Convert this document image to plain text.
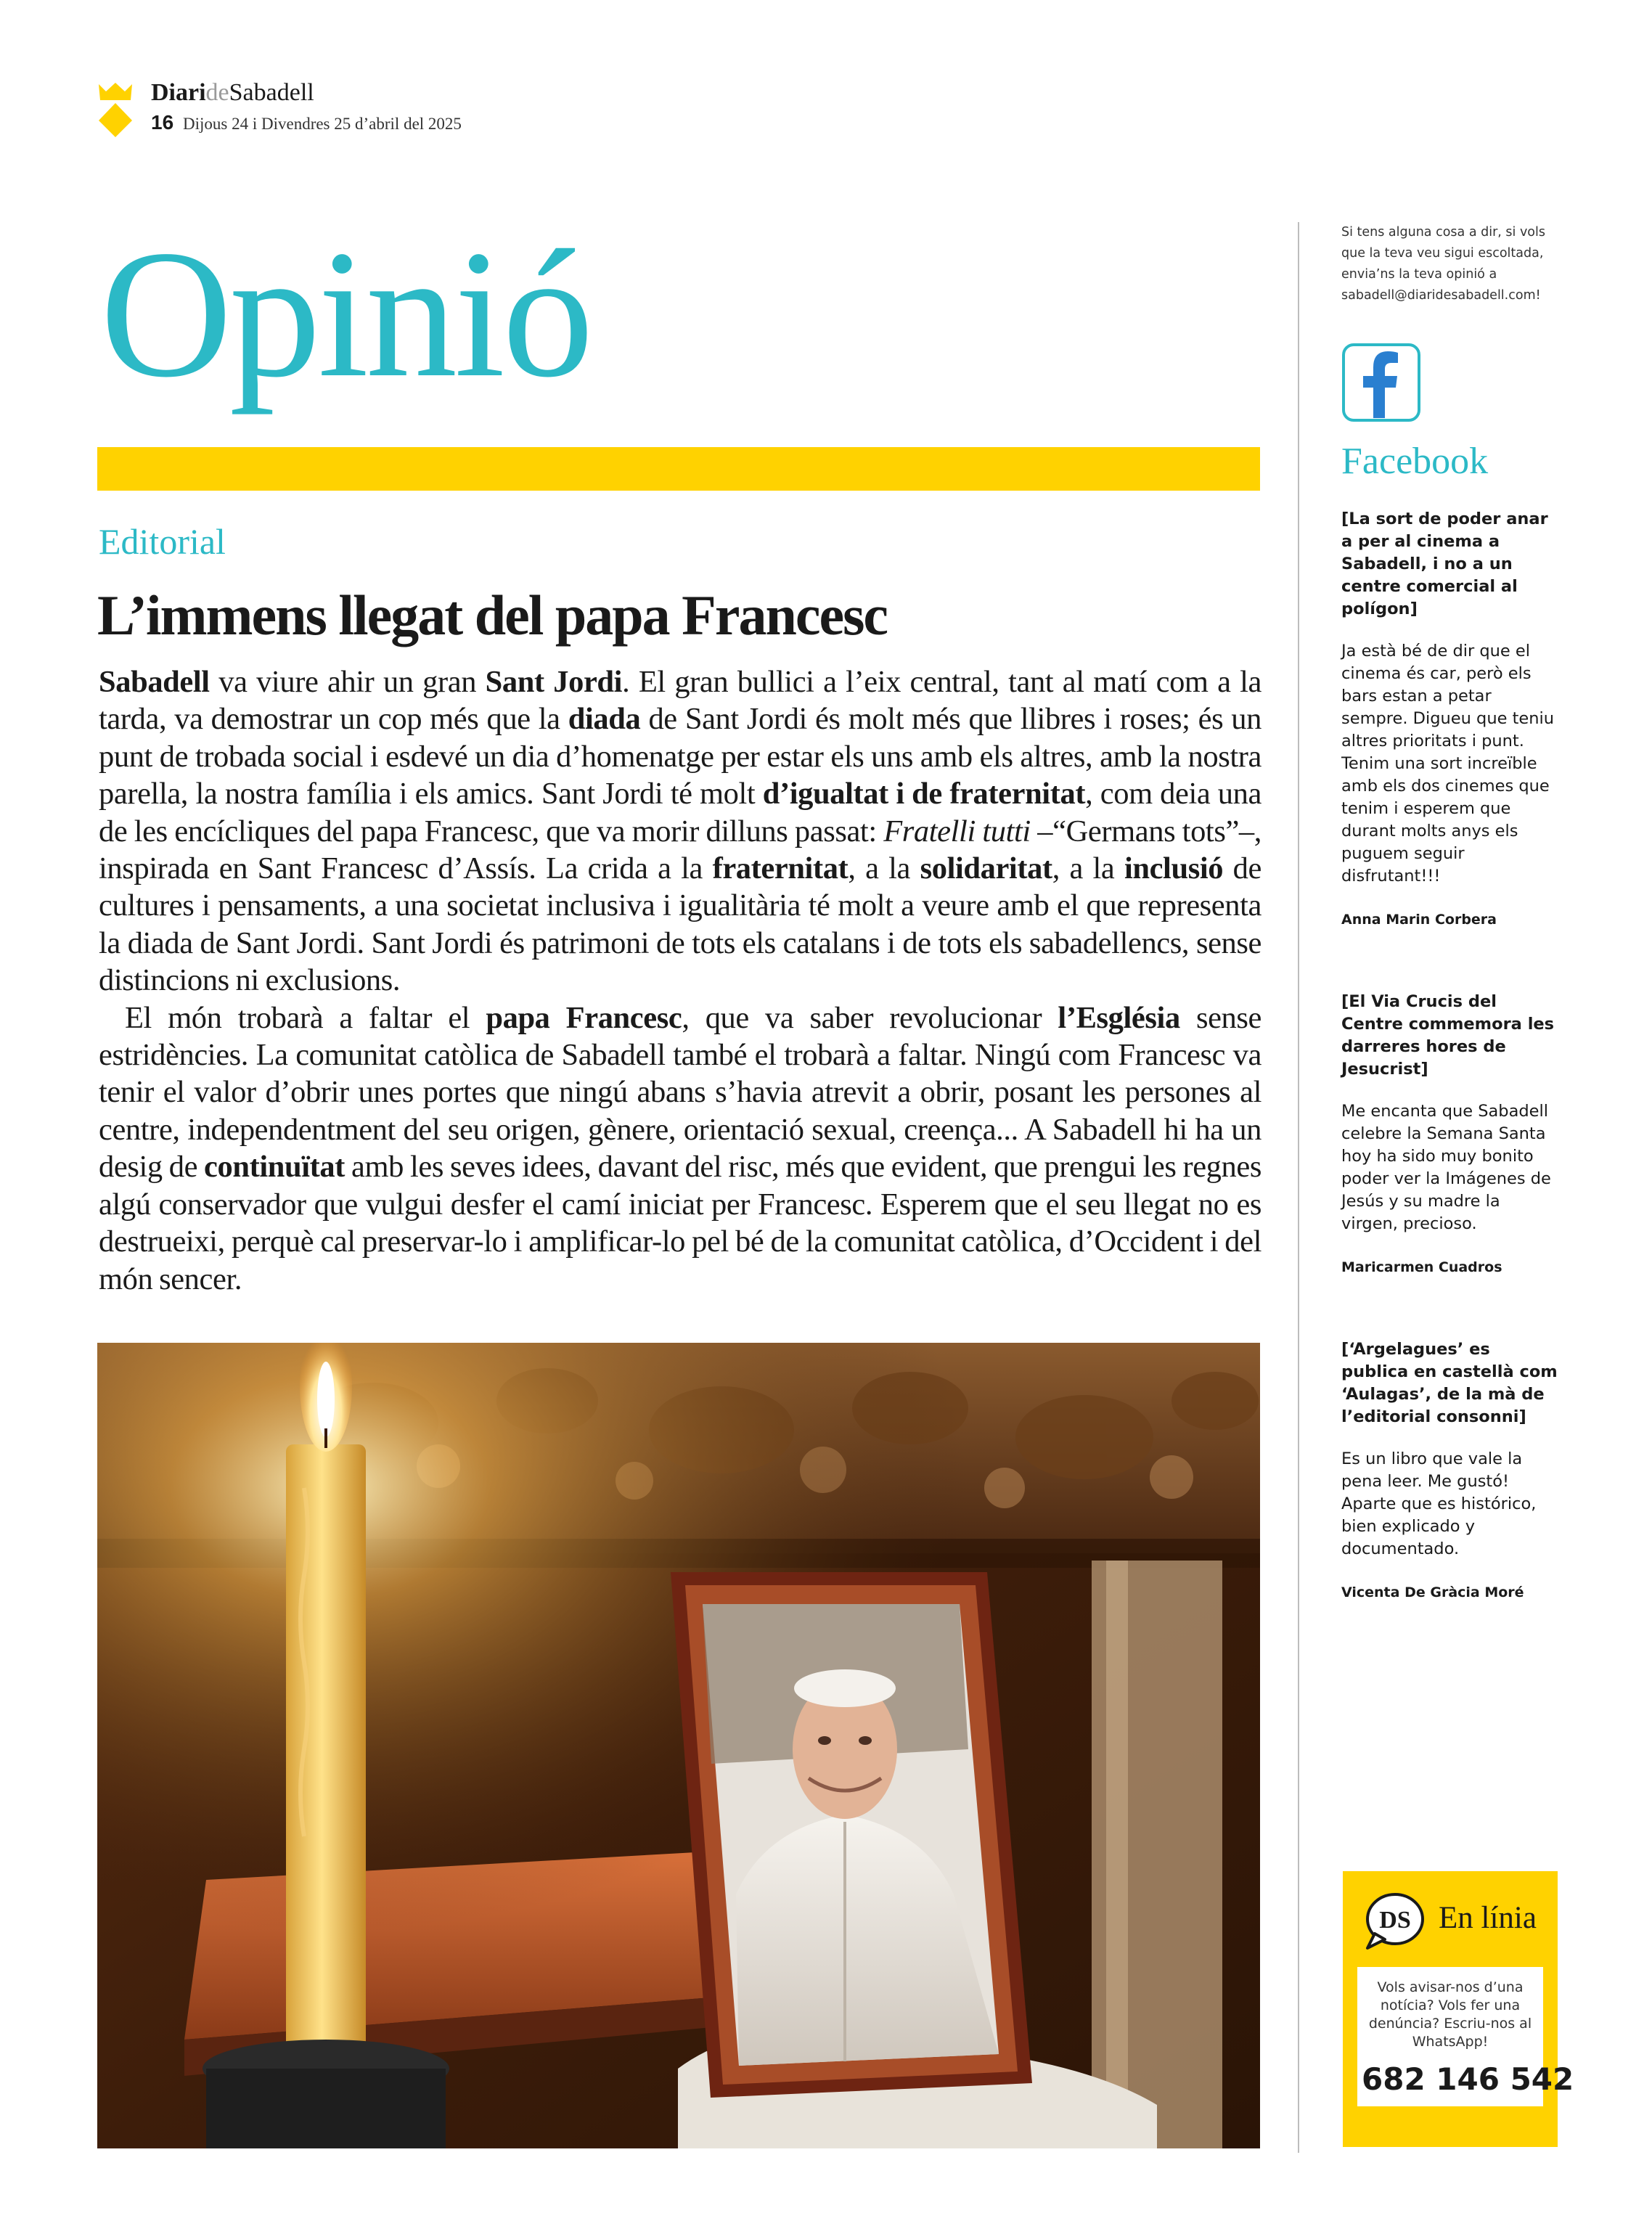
DiarideSabadell
16 Dijous 24 i Divendres 25 d’abril del 2025
Opinió
Editorial
L’immens llegat del papa Francesc

Sabadell va viure ahir un gran Sant Jordi. El gran bullici a l’eix central, tant al matí com a la tarda, va demostrar un cop més que la diada de Sant Jordi és molt més que llibres i roses; és un punt de trobada social i esdevé un dia d’homenatge per estar els uns amb els altres, amb la nostra parella, la nostra família i els amics. Sant Jordi té molt d’igualtat i de fraternitat, com deia una de les encícliques del papa Francesc, que va morir dilluns passat: Fratelli tutti –“Germans tots”–, inspirada en Sant Francesc d’Assís. La crida a la fraternitat, a la solidaritat, a la inclusió de cultures i pensaments, a una societat inclusiva i igualitària té molt a veure amb el que representa la diada de Sant Jordi. Sant Jordi és patrimoni de tots els catalans i de tots els sabadellencs, sense distincions ni exclusions.

El món trobarà a faltar el papa Francesc, que va saber revolucionar l’Església sense estridències. La comunitat catòlica de Sabadell també el trobarà a faltar. Ningú com Francesc va tenir el valor d’obrir unes portes que ningú abans s’havia atrevit a obrir, posant les persones al centre, independentment del seu origen, gènere, orientació sexual, creença... A Sabadell hi ha un desig de continuïtat amb les seves idees, davant del risc, més que evident, que prengui les regnes algú conservador que vulgui desfer el camí iniciat per Francesc. Esperem que el seu llegat no es destrueixi, perquè cal preservar-lo i amplificar-lo pel bé de la comunitat catòlica, d’Occident i del món sencer.

Si tens alguna cosa a dir, si vols que la teva veu sigui escoltada, envia’ns la teva opinió a sabadell@diaridesabadell.com!

Facebook

[La sort de poder anar a per al cinema a Sabadell, i no a un centre comercial al polígon]

Ja està bé de dir que el cinema és car, però els bars estan a petar sempre. Digueu que teniu altres prioritats i punt. Tenim una sort increïble amb els dos cinemes que tenim i esperem que durant molts anys els puguem seguir disfrutant!!!

Anna Marin Corbera

[El Via Crucis del Centre commemora les darreres hores de Jesucrist]

Me encanta que Sabadell celebre la Semana Santa hoy ha sido muy bonito poder ver la Imágenes de Jesús y su madre la virgen, precioso.

Maricarmen Cuadros

[‘Argelagues’ es publica en castellà com ‘Aulagas’, de la mà de l’editorial consonni]

Es un libro que vale la pena leer. Me gustó! Aparte que es histórico, bien explicado y documentado.

Vicenta De Gràcia Moré

DS En línia

Vols avisar-nos d’una notícia? Vols fer una denúncia? Escriu-nos al WhatsApp!

682 146 542
